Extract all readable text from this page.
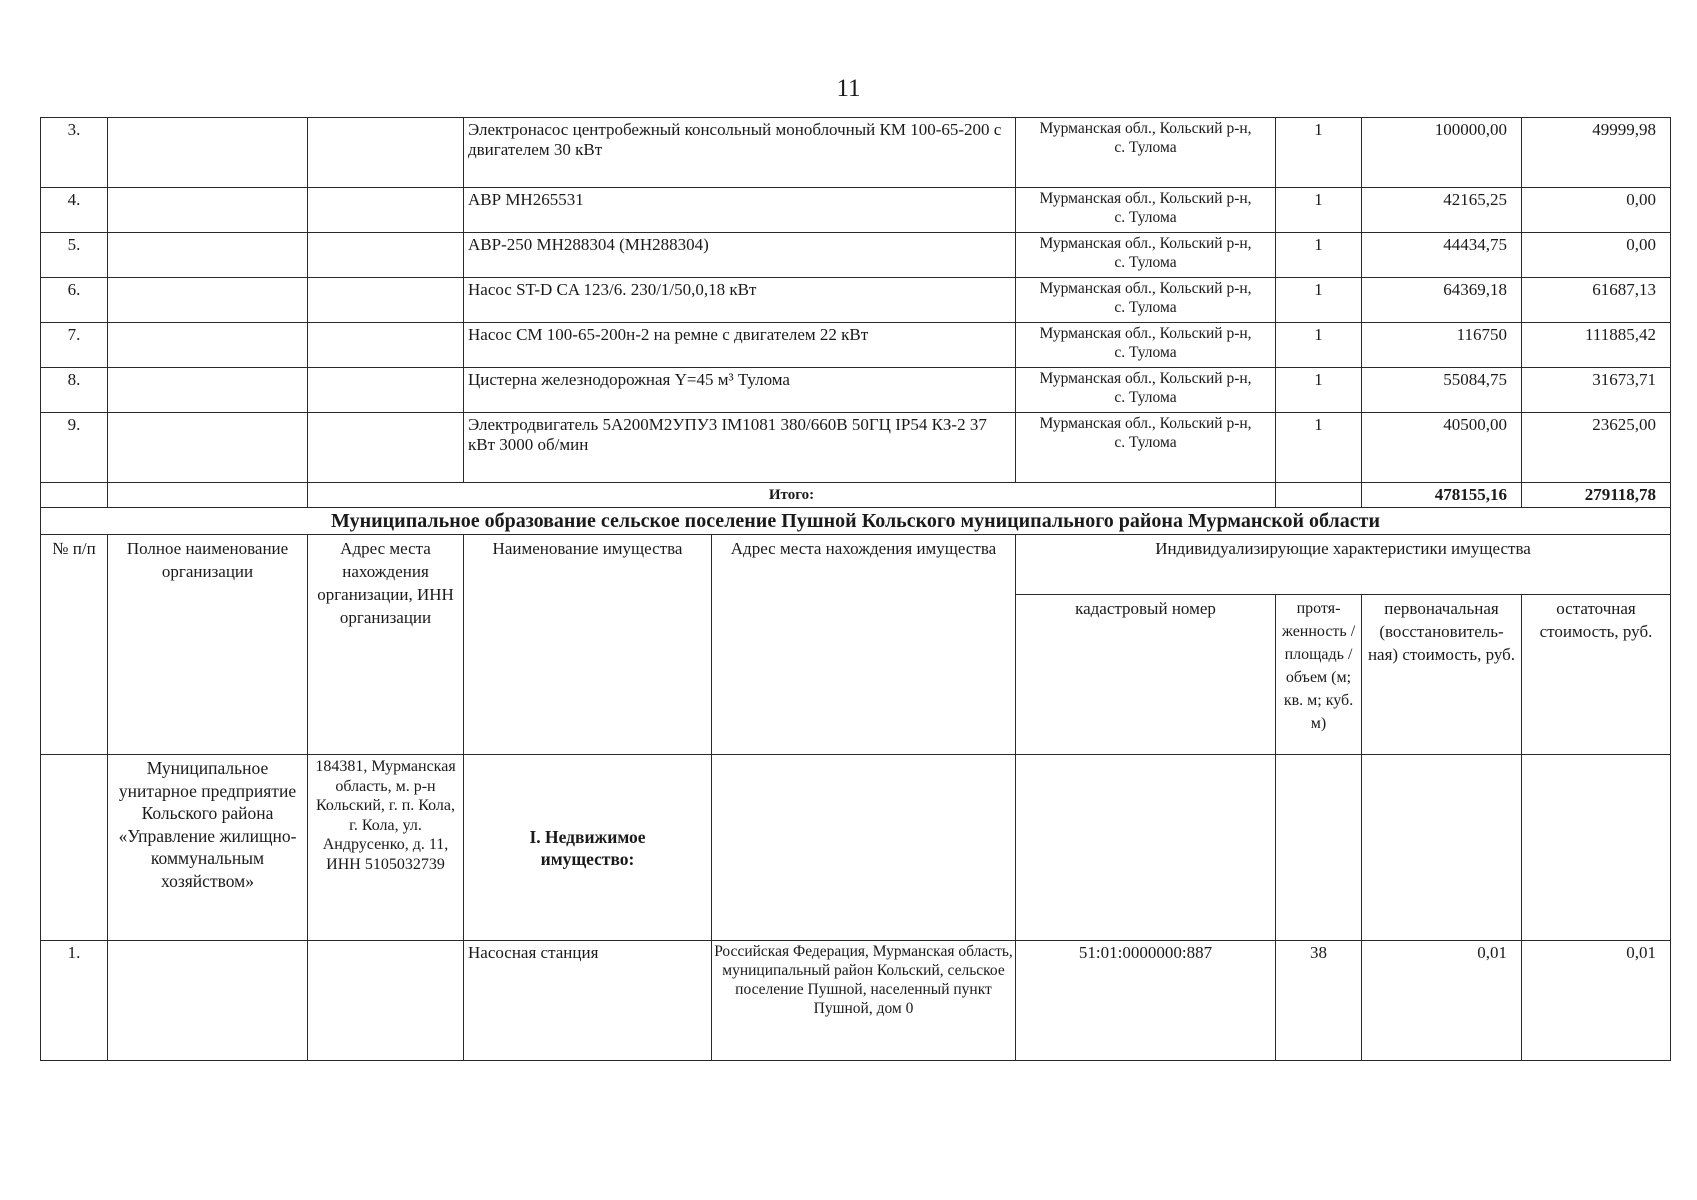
11
3.			Электронасос центробежный консольный моноблочный КМ 100-65-200 с двигателем 30 кВт		Мурманская обл., Кольский р-н,
с. Тулома	1	100000,00	49999,98
4.			АВР МН265531		Мурманская обл., Кольский р-н,
с. Тулома	1	42165,25	0,00
5.			АВР-250 МН288304 (МН288304)		Мурманская обл., Кольский р-н,
с. Тулома	1	44434,75	0,00
6.			Насос ST-D CA 123/6. 230/1/50,0,18 кВт		Мурманская обл., Кольский р-н,
с. Тулома	1	64369,18	61687,13
7.			Насос СМ 100-65-200н-2 на ремне с двигателем 22 кВт		Мурманская обл., Кольский р-н,
с. Тулома	1	116750	111885,42
8.			Цистерна железнодорожная Y=45 м³ Тулома		Мурманская обл., Кольский р-н,
с. Тулома	1	55084,75	31673,71
9.			Электродвигатель 5А200М2УПУ3 IM1081 380/660В 50ГЦ IP54 КЗ-2 37 кВт 3000 об/мин		Мурманская обл., Кольский р-н,
с. Тулома	1	40500,00	23625,00
		Итого:					478155,16	279118,78
Муниципальное образование сельское поселение Пушной Кольского муниципального района Мурманской области								
№ п/п	Полное наименование организации	Адрес места нахождения организации, ИНН организации	Наименование имущества	Адрес места нахождения имущества	Индивидуализирующие характеристики имущества			
					кадастровый номер	протя-женность /площадь /объем (м; кв. м; куб. м)	первоначальная (восстановитель-ная) стоимость, руб.	остаточная стоимость, руб.
	Муниципальное унитарное предприятие Кольского района «Управление жилищно-коммунальным хозяйством»	184381, Мурманская область, м. р-н Кольский, г. п. Кола, г. Кола, ул. Андрусенко, д. 11, ИНН 5105032739	I. Недвижимое имущество:					
1.			Насосная станция	Российская Федерация, Мурманская область, муниципальный район Кольский, сельское поселение Пушной, населенный пункт Пушной, дом 0	51:01:0000000:887	38	0,01	0,01
